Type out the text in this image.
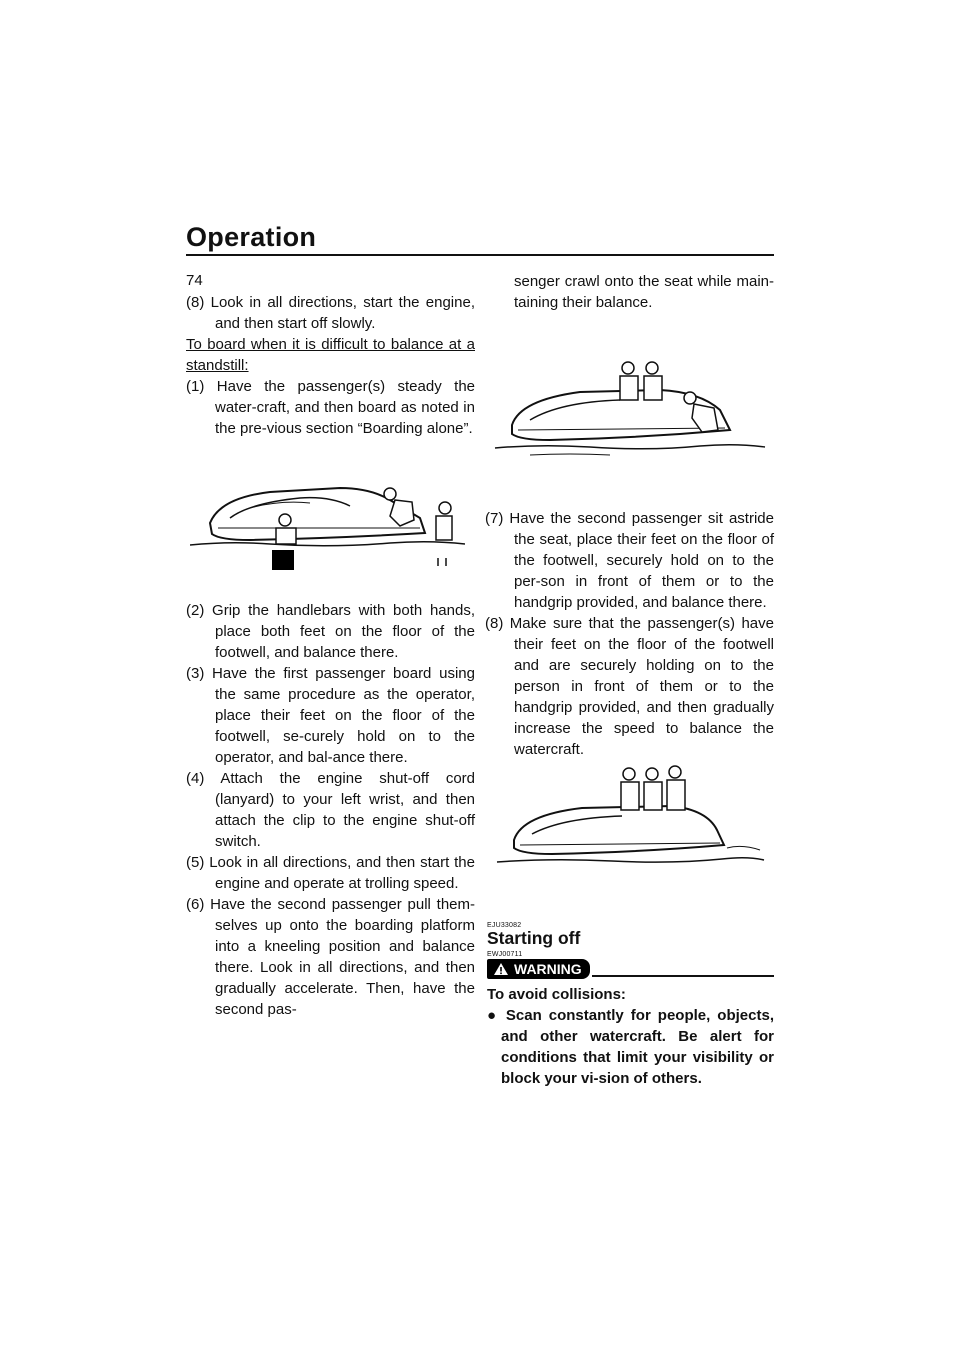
Operation
74

(8) Look in all directions, start the engine, and then start off slowly.

To board when it is difficult to balance at a standstill:

(1) Have the passenger(s) steady the water-craft, and then board as noted in the pre-vious section “Boarding alone”.

(2) Grip the handlebars with both hands, place both feet on the floor of the footwell, and balance there.

(3) Have the first passenger board using the same procedure as the operator, place their feet on the floor of the footwell, se-curely hold on to the operator, and bal-ance there.

(4) Attach the engine shut-off cord (lanyard) to your left wrist, and then attach the clip to the engine shut-off switch.

(5) Look in all directions, and then start the engine and operate at trolling speed.

(6) Have the second passenger pull them-selves up onto the boarding platform into a kneeling position and balance there. Look in all directions, and then gradually accelerate. Then, have the second pas-

senger crawl onto the seat while main-taining their balance.

(7) Have the second passenger sit astride the seat, place their feet on the floor of the footwell, securely hold on to the per-son in front of them or to the handgrip provided, and balance there.

(8) Make sure that the passenger(s) have their feet on the floor of the footwell and are securely holding on to the person in front of them or to the handgrip provided, and then gradually increase the speed to balance the watercraft.

EJU33082
Starting off
EWJ00711
WARNING

To avoid collisions:

● Scan constantly for people, objects, and other watercraft. Be alert for conditions that limit your visibility or block your vi-sion of others.
